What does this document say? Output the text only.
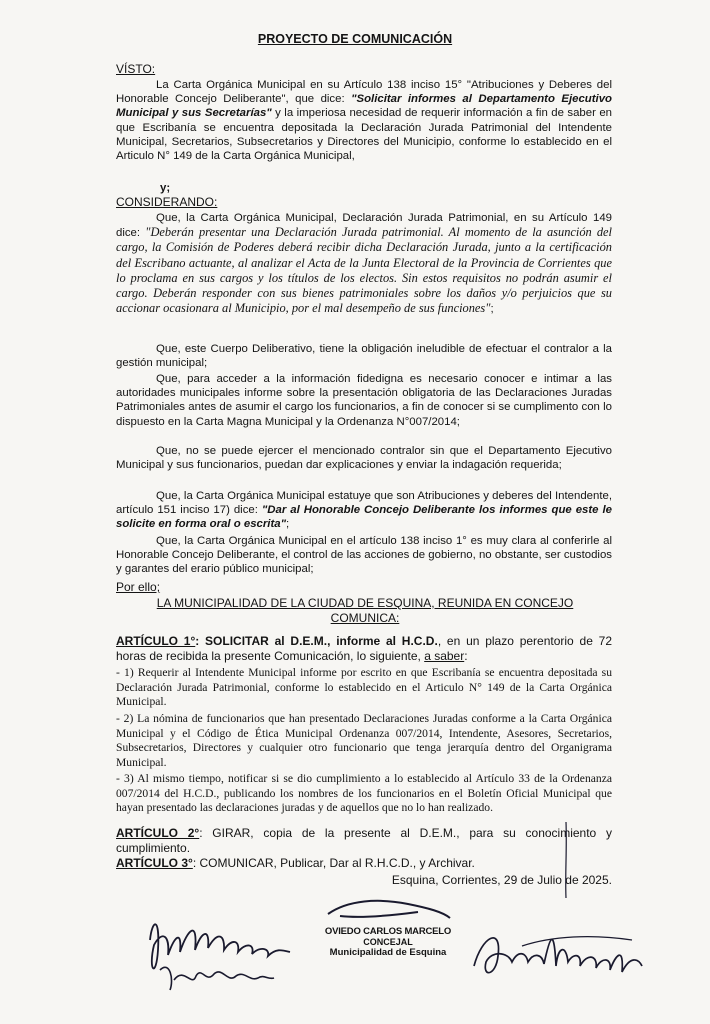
PROYECTO DE COMUNICACIÓN
VÍSTO:
La Carta Orgánica Municipal en su Artículo 138 inciso 15° "Atribuciones y Deberes del Honorable Concejo Deliberante", que dice: "Solicitar informes al Departamento Ejecutivo Municipal y sus Secretarías" y la imperiosa necesidad de requerir información a fin de saber en que Escribanía se encuentra depositada la Declaración Jurada Patrimonial del Intendente Municipal, Secretarios, Subsecretarios y Directores del Municipio, conforme lo establecido en el Articulo N° 149 de la Carta Orgánica Municipal,
y;
CONSIDERANDO:
Que, la Carta Orgánica Municipal, Declaración Jurada Patrimonial, en su Artículo 149 dice: "Deberán presentar una Declaración Jurada patrimonial. Al momento de la asunción del cargo, la Comisión de Poderes deberá recibir dicha Declaración Jurada, junto a la certificación del Escribano actuante, al analizar el Acta de la Junta Electoral de la Provincia de Corrientes que lo proclama en sus cargos y los títulos de los electos. Sin estos requisitos no podrán asumir el cargo. Deberán responder con sus bienes patrimoniales sobre los daños y/o perjuicios que su accionar ocasionara al Municipio, por el mal desempeño de sus funciones";
Que, este Cuerpo Deliberativo, tiene la obligación ineludible de efectuar el contralor a la gestión municipal;
Que, para acceder a la información fidedigna es necesario conocer e intimar a las autoridades municipales informe sobre la presentación obligatoria de las Declaraciones Juradas Patrimoniales antes de asumir el cargo los funcionarios, a fin de conocer si se cumplimento con lo dispuesto en la Carta Magna Municipal y la Ordenanza N°007/2014;
Que, no se puede ejercer el mencionado contralor sin que el Departamento Ejecutivo Municipal y sus funcionarios, puedan dar explicaciones y enviar la indagación requerida;
Que, la Carta Orgánica Municipal estatuye que son Atribuciones y deberes del Intendente, artículo 151 inciso 17) dice: "Dar al Honorable Concejo Deliberante los informes que este le solicite en forma oral o escrita";
Que, la Carta Orgánica Municipal en el artículo 138 inciso 1° es muy clara al conferirle al Honorable Concejo Deliberante, el control de las acciones de gobierno, no obstante, ser custodios y garantes del erario público municipal;
Por ello;
LA MUNICIPALIDAD DE LA CIUDAD DE ESQUINA, REUNIDA EN CONCEJO COMUNICA:
ARTÍCULO 1°: SOLICITAR al D.E.M., informe al H.C.D., en un plazo perentorio de 72 horas de recibida la presente Comunicación, lo siguiente, a saber:
- 1) Requerir al Intendente Municipal informe por escrito en que Escribanía se encuentra depositada su Declaración Jurada Patrimonial, conforme lo establecido en el Articulo N° 149 de la Carta Orgánica Municipal.
- 2) La nómina de funcionarios que han presentado Declaraciones Juradas conforme a la Carta Orgánica Municipal y el Código de Ética Municipal Ordenanza 007/2014, Intendente, Asesores, Secretarios, Subsecretarios, Directores y cualquier otro funcionario que tenga jerarquía dentro del Organigrama Municipal.
- 3) Al mismo tiempo, notificar si se dio cumplimiento a lo establecido al Artículo 33 de la Ordenanza 007/2014 del H.C.D., publicando los nombres de los funcionarios en el Boletín Oficial Municipal que hayan presentado las declaraciones juradas y de aquellos que no lo han realizado.
ARTÍCULO 2°: GIRAR, copia de la presente al D.E.M., para su conocimiento y cumplimiento.
ARTÍCULO 3°: COMUNICAR, Publicar, Dar al R.H.C.D., y Archivar.
Esquina, Corrientes, 29 de Julio de 2025.
OVIEDO CARLOS MARCELO
CONCEJAL
Municipalidad de Esquina
